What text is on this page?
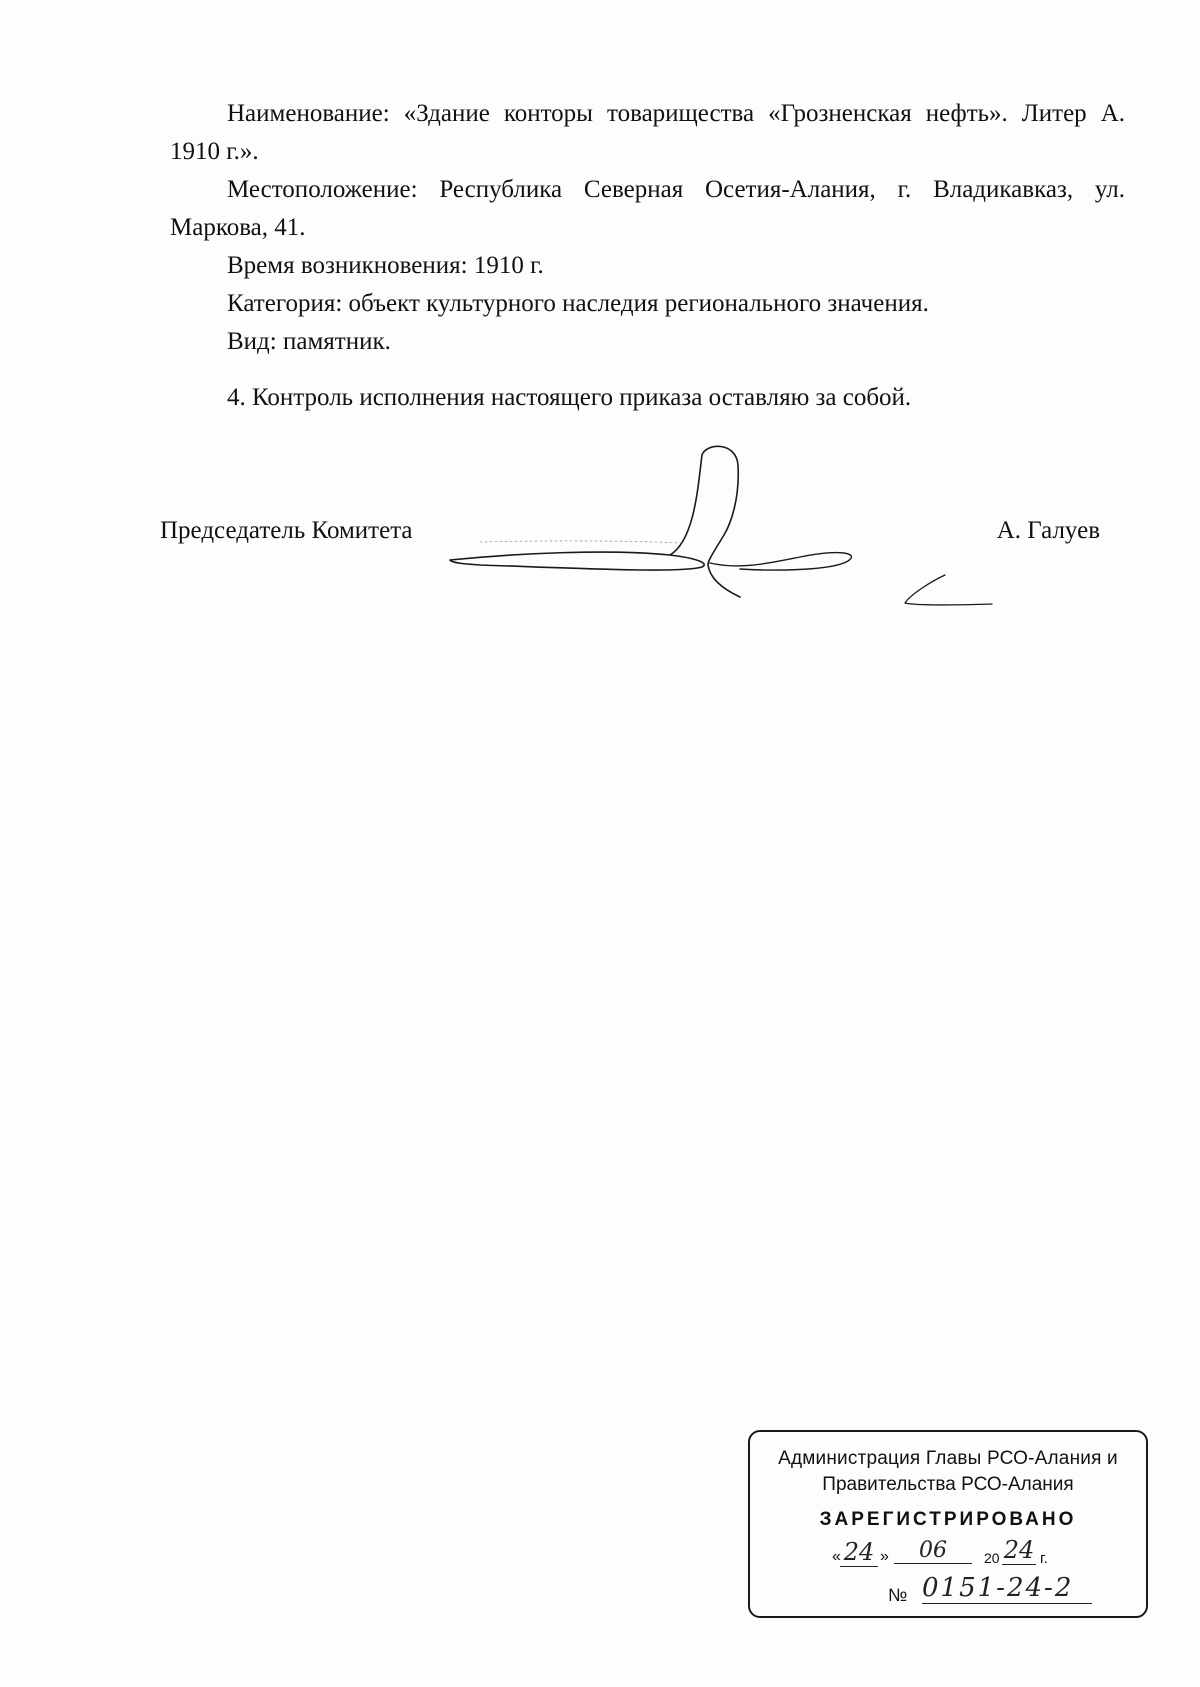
Наименование: «Здание конторы товарищества «Грозненская нефть». Литер А. 1910 г.».

Местоположение: Республика Северная Осетия-Алания, г. Владикавказ, ул. Маркова, 41.

Время возникновения: 1910 г.

Категория: объект культурного наследия регионального значения.

Вид: памятник.

4. Контроль исполнения настоящего приказа оставляю за собой.

Председатель Комитета	А. Галуев
Администрация Главы РСО-Алания и
Правительства РСО-Алания
ЗАРЕГИСТРИРОВАНО
« 24 »	06	20 24 г.
№ 0151-24-2
